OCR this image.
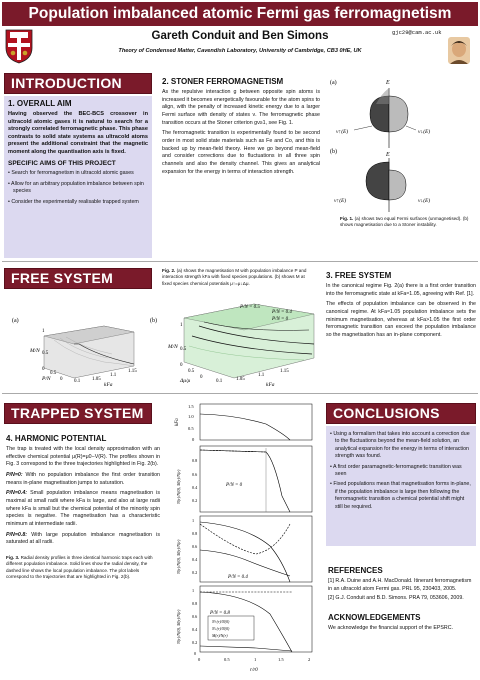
Population imbalanced atomic Fermi gas ferromagnetism
Gareth Conduit and Ben Simons
Theory of Condensed Matter, Cavendish Laboratory, University of Cambridge, CB3 0HE, UK
gjc29@cam.ac.uk
INTRODUCTION
1. OVERALL AIM
Having observed the BEC-BCS crossover in ultracold atomic gases it is natural to search for a strongly correlated ferromagnetic phase. This phase contrasts to solid state systems as ultracold atoms present the additional constraint that the magnetic moment along the quantisation axis is fixed.
SPECIFIC AIMS OF THIS PROJECT
• Search for ferromagnetism in ultracold atomic gases
• Allow for an arbitrary population imbalance between spin species
• Consider the experimentally realisable trapped system
2. STONER FERROMAGNETISM
As the repulsive interaction g between opposite spin atoms is increased it becomes energetically favourable for the atom spins to align, with the penalty of increased kinetic energy due to a larger Fermi surface with density of states ν. The ferromagnetic phase transition occurs at the Stoner criterion gν≥1, see Fig. 1.
The ferromagnetic transition is experimentally found to be second order in most solid state materials such as Fe and Co, and this is backed up by mean-field theory. Here we go beyond mean-field and consider corrections due to fluctuations in all three spin channels and also the density channel. This gives an analytical expansion for the energy in terms of interaction strength.
(a)
(b)
E
ν↑(E)	ν↓(E)
E
ν↑(E)	ν↓(E)
Fig. 1. (a) shows two equal Fermi surfaces (unmagnetised). (b) shows magnetisation due to a Stoner instability.
FREE SYSTEM	Fig. 2. (a) shows the magnetisation M with population imbalance P and interaction strength kFa with fixed species populations. (b) shows M at fixed species chemical potentials μ↑=μ↓Δμ.
(a)
1
M/N 0.5
0
0.5
P/N 0 0.1 1.05
1.1
1.15
kFa
(b)
P/N = 0.5
P/N = 0.4
P/N = 0
1
M/N 0.5
0
0.5
Δμ/μ
0
0.1	1.05
1.1
1.15
kFa
3. FREE SYSTEM
In the canonical regime Fig. 2(a) there is a first order transition into the ferromagnetic state at kFa≈1.05, agreeing with Ref. [1].
The effects of population imbalance can be observed in the canonical regime. At kFa≈1.05 population imbalance sets the minimum magnetisation, whereas at kFa>1.05 the first order ferromagnetic transition can exceed the population imbalance so the magnetisation has an in-plane component.
TRAPPED SYSTEM
4. HARMONIC POTENTIAL
The trap is treated with the local density approximation with an effective chemical potential μ(R)=μ0−V(R). The profiles shown in Fig. 3 correspond to the three trajectories highlighted in Fig. 2(b).
P/N=0: With no population imbalance the first order transition means in-plane magnetisation jumps to saturation.
P/N=0.4: Small population imbalance means magnetisation is maximal at small radii where kFa is large, and also at large radii where kFa is small but the chemical potential of the minority spin species is negative. The magnetisation has a characteristic minimum at intermediate radii.
P/N=0.8: With large population imbalance magnetisation is saturated at all radii.
Fig. 3. Radial density profiles in three identical harmonic traps each with different population imbalance. Solid lines show the radial density, the dashed line shows the local population imbalance. The plot labels correspond to the trajectories that are highlighted in Fig. 2(b).
kFa
1.5
1.0
0.5
0
P/N = 0
N(r)/N(0), M(r)/N(r)
0.8
0.6
0.4
0.2
P/N = 0.4
N(r)/N(0), M(r)/N(r)
1
0.8
0.6
0.4
0.2
N↑(r)/N(0)
N↓(r)/N(0)
M(r)/N(r)
P/N = 0.8
N(r)/N(0), M(r)/N(r)
1
0.8
0.6
0.4
0.2
0
0	0.5	1	1.5	2
r/r0
CONCLUSIONS
• Using a formalism that takes into account a correction due to the fluctuations beyond the mean-field solution, an analytical expansion for the energy in terms of interaction strength was found.
• A first order paramagnetic-ferromagnetic transition was seen
• Fixed populations mean that magnetisation forms in-plane, if the population imbalance is large then following the ferromagnetic transition a chemical potential shift might still be required.
REFERENCES
[1] R.A. Duine and A.H. MacDonald. Itinerant ferromagnetism in an ultracold atom Fermi gas. PRL 95, 230403, 2005.
[2] G.J. Conduit and B.D. Simons. PRA 79, 053606, 2009.
ACKNOWLEDGEMENTS
We acknowledge the financial support of the EPSRC.
